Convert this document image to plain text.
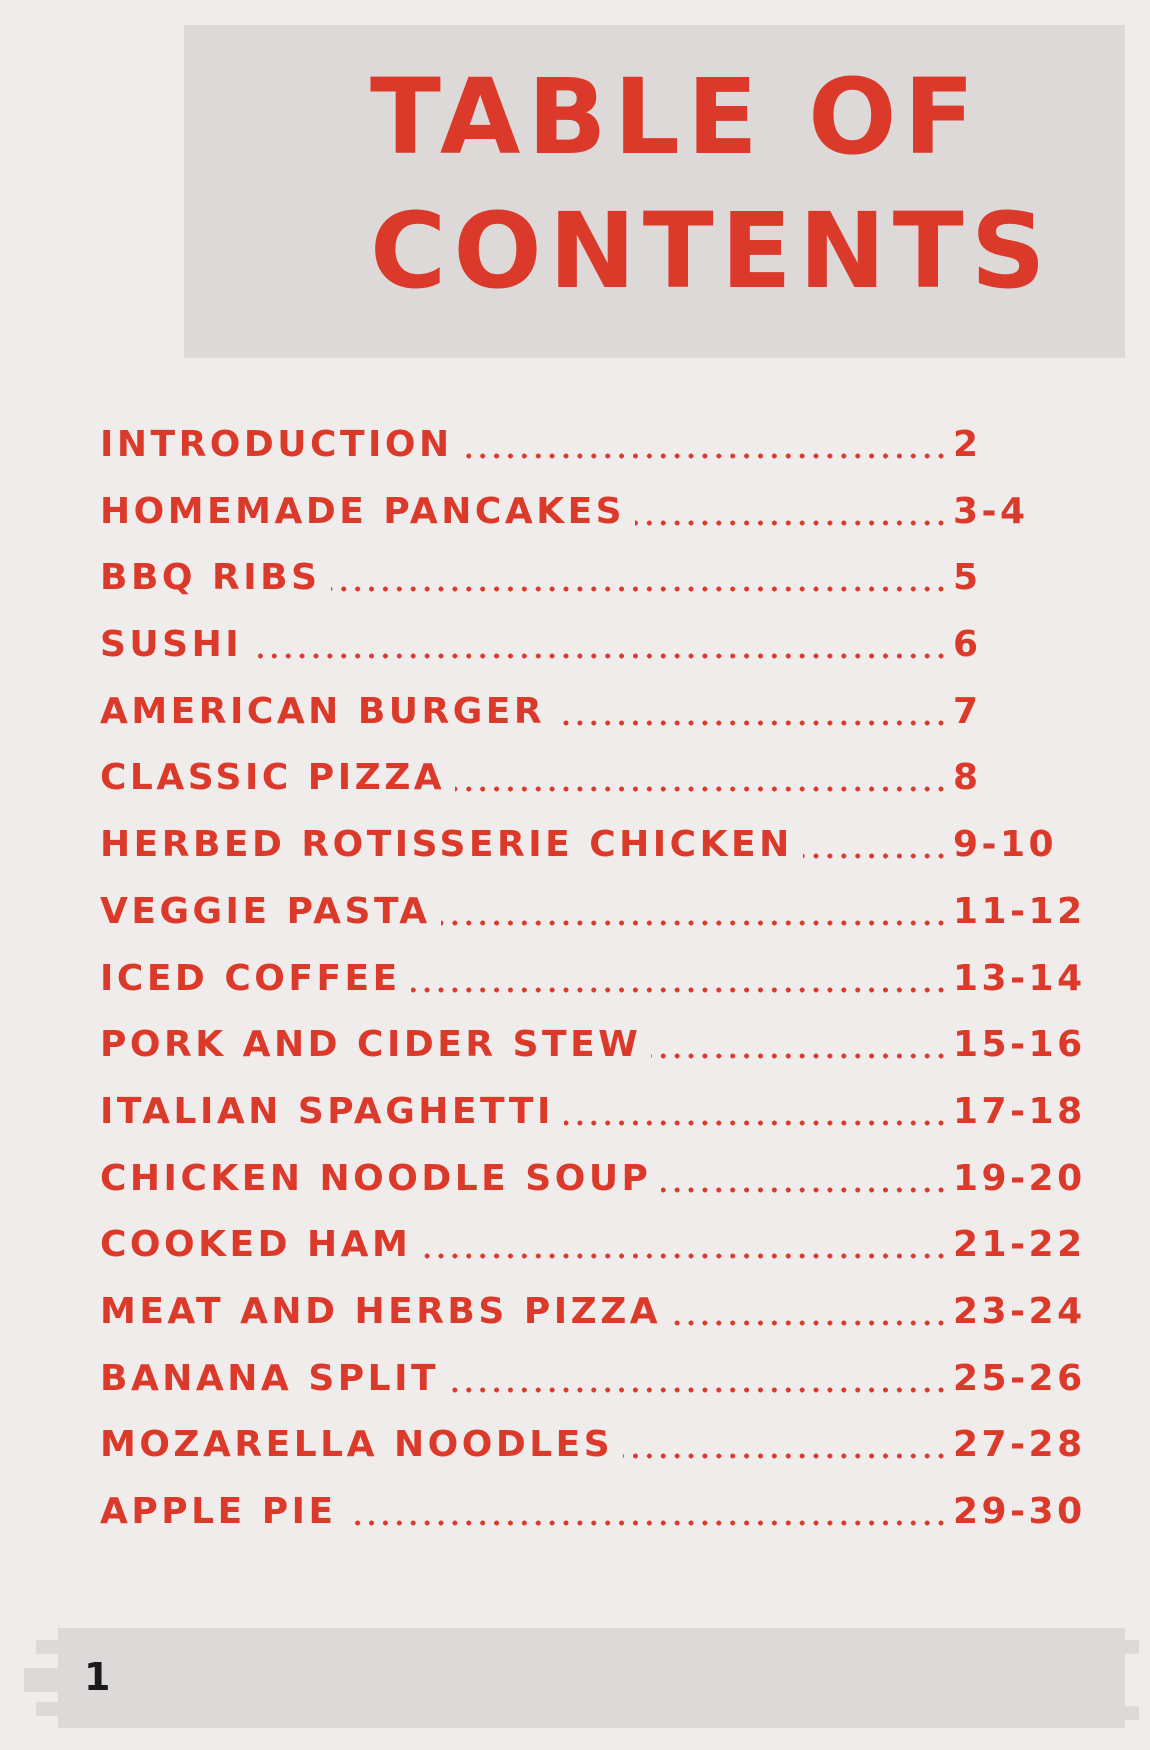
TABLE OF
CONTENTS
INTRODUCTION	2
HOMEMADE PANCAKES	3-4
BBQ RIBS	5
SUSHI	6
AMERICAN BURGER	7
CLASSIC PIZZA	8
HERBED ROTISSERIE CHICKEN	9-10
VEGGIE PASTA	11-12
ICED COFFEE	13-14
PORK AND CIDER STEW	15-16
ITALIAN SPAGHETTI	17-18
CHICKEN NOODLE SOUP	19-20
COOKED HAM	21-22
MEAT AND HERBS PIZZA	23-24
BANANA SPLIT	25-26
MOZARELLA NOODLES	27-28
APPLE PIE	29-30
1
